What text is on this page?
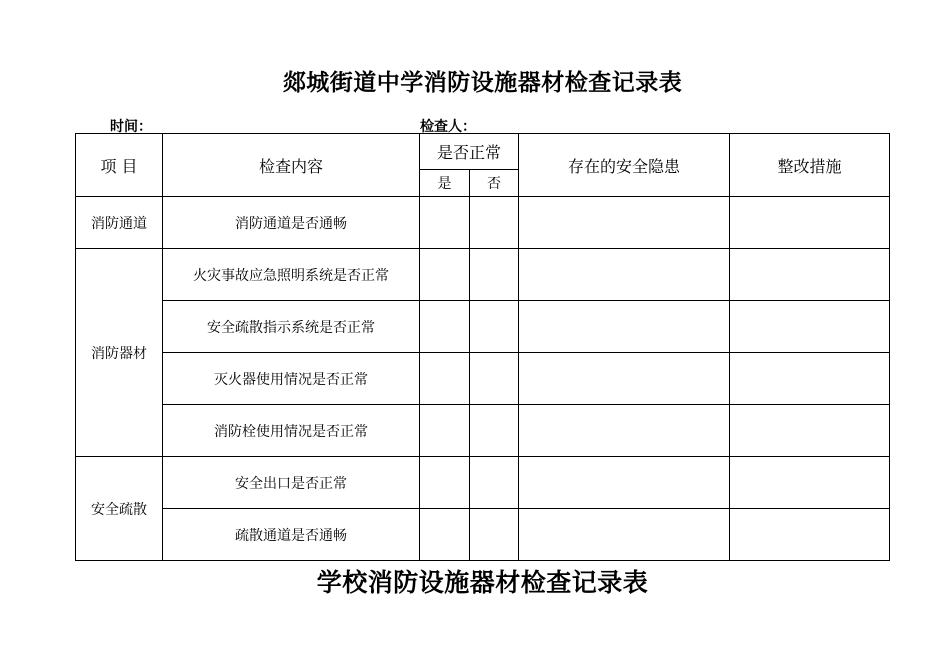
郯城街道中学消防设施器材检查记录表
时间：	检查人：
项 目	检查内容	是否正常		存在的安全隐患	整改措施
		是	否		
消防通道	消防通道是否通畅				
消防器材	火灾事故应急照明系统是否正常				
	安全疏散指示系统是否正常				
	灭火器使用情况是否正常				
	消防栓使用情况是否正常				
安全疏散	安全出口是否正常				
	疏散通道是否通畅				
学校消防设施器材检查记录表
